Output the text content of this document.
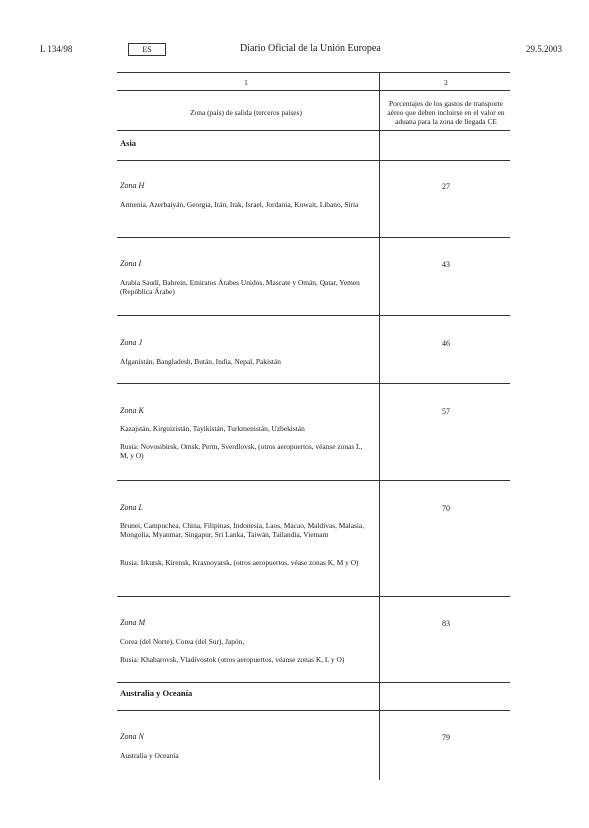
L 134/98	ES	Diario Oficial de la Unión Europea	29.5.2003
1	2
Zona (país) de salida (terceros países)
Porcentajes de los gastos de transporte aéreo que deben incluirse en el valor en aduana para la zona de llegada CE
Asia
Zona H	27
Armenia, Azerbaiyán, Georgia, Irán, Irak, Israel, Jordania, Kuwait, Líbano, Siria
Zona I	43
Arabia Saudí, Bahrein, Emiratos Árabes Unidos, Mascate y Omán, Qatar, Yemen (República Árabe)
Zona J	46
Afganistán, Bangladesh, Bután, India, Nepal, Pakistán
Zona K	57
Kazajstán, Kirguizistán, Tayikistán, Turkmenistán, Uzbekistán
Rusia: Novosibirsk, Omsk, Perm, Sverdlovsk, (otros aeropuertos, véanse zonas L, M, y O)
Zona L	70
Brunei, Campuchea, China, Filipinas, Indonesia, Laos, Macao, Maldivas, Malasia, Mongolia, Myanmar, Singapur, Sri Lanka, Taiwán, Tailandia, Vietnam
Rusia: Irkutsk, Kirensk, Krasnoyarsk, (otros aeropuertos, véase zonas K, M y O)
Zona M	83
Corea (del Norte), Corea (del Sur), Japón,
Rusia: Khabarovsk, Vladivostok (otros aeropuertos, véanse zonas K, L y O)
Australia y Oceanía
Zona N	79
Australia y Oceanía
